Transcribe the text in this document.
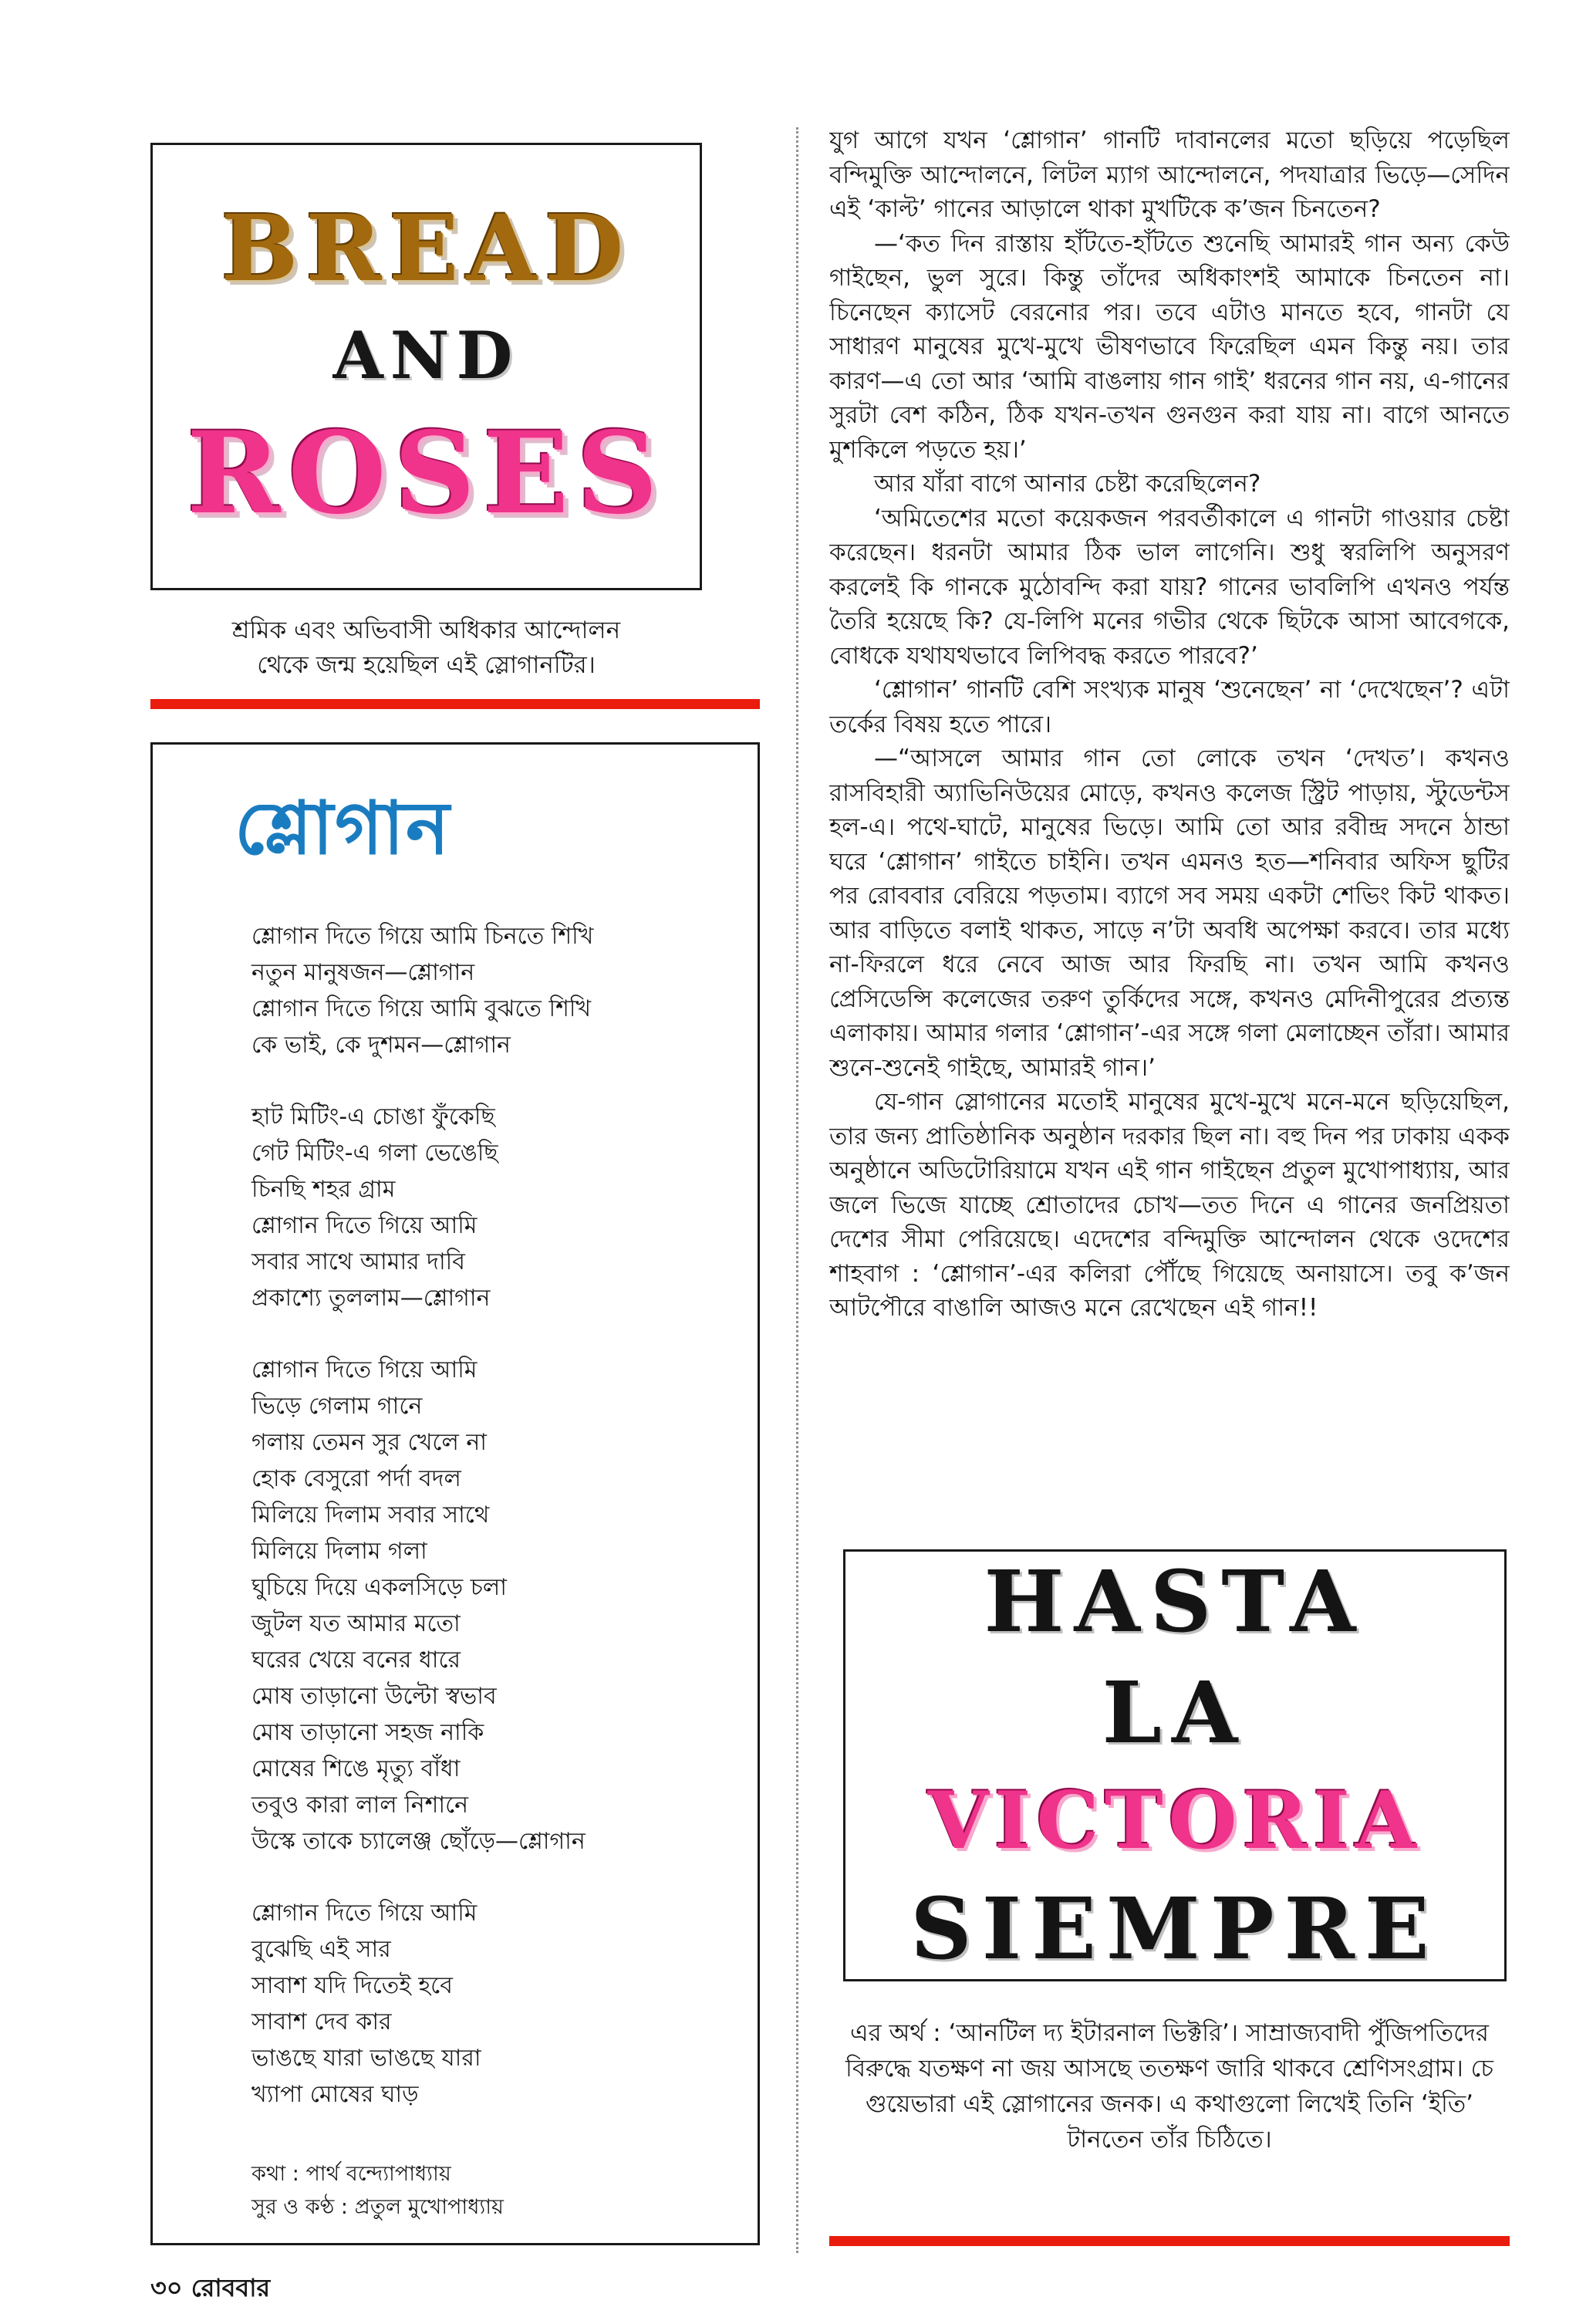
BREAD
AND
ROSES
শ্রমিক এবং অভিবাসী অধিকার আন্দোলন
থেকে জন্ম হয়েছিল এই স্লোগানটির।
শ্লোগান
শ্লোগান দিতে গিয়ে আমি চিনতে শিখি
নতুন মানুষজন—শ্লোগান
শ্লোগান দিতে গিয়ে আমি বুঝতে শিখি
কে ভাই, কে দুশমন—শ্লোগান
হাট মিটিং-এ চোঙা ফুঁকেছি
গেট মিটিং-এ গলা ভেঙেছি
চিনছি শহর গ্রাম
শ্লোগান দিতে গিয়ে আমি
সবার সাথে আমার দাবি
প্রকাশ্যে তুললাম—শ্লোগান
শ্লোগান দিতে গিয়ে আমি
ভিড়ে গেলাম গানে
গলায় তেমন সুর খেলে না
হোক বেসুরো পর্দা বদল
মিলিয়ে দিলাম সবার সাথে
মিলিয়ে দিলাম গলা
ঘুচিয়ে দিয়ে একলসিড়ে চলা
জুটল যত আমার মতো
ঘরের খেয়ে বনের ধারে
মোষ তাড়ানো উল্টো স্বভাব
মোষ তাড়ানো সহজ নাকি
মোষের শিঙে মৃত্যু বাঁধা
তবুও কারা লাল নিশানে
উস্কে তাকে চ্যালেঞ্জ ছোঁড়ে—শ্লোগান
শ্লোগান দিতে গিয়ে আমি
বুঝেছি এই সার
সাবাশ যদি দিতেই হবে
সাবাশ দেব কার
ভাঙছে যারা ভাঙছে যারা
খ্যাপা মোষের ঘাড়
কথা : পার্থ বন্দ্যোপাধ্যায়
সুর ও কণ্ঠ : প্রতুল মুখোপাধ্যায়
৩০ রোববার
যুগ আগে যখন ‘শ্লোগান’ গানটি দাবানলের মতো ছড়িয়ে পড়েছিল বন্দিমুক্তি আন্দোলনে, লিটল ম্যাগ আন্দোলনে, পদযাত্রার ভিড়ে—সেদিন এই ‘কাল্ট’ গানের আড়ালে থাকা মুখটিকে ক’জন চিনতেন?
—‘কত দিন রাস্তায় হাঁটতে-হাঁটতে শুনেছি আমারই গান অন্য কেউ গাইছেন, ভুল সুরে। কিন্তু তাঁদের অধিকাংশই আমাকে চিনতেন না। চিনেছেন ক্যাসেট বেরনোর পর। তবে এটাও মানতে হবে, গানটা যে সাধারণ মানুষের মুখে-মুখে ভীষণভাবে ফিরেছিল এমন কিন্তু নয়। তার কারণ—এ তো আর ‘আমি বাঙলায় গান গাই’ ধরনের গান নয়, এ-গানের সুরটা বেশ কঠিন, ঠিক যখন-তখন গুনগুন করা যায় না। বাগে আনতে মুশকিলে পড়তে হয়।’
আর যাঁরা বাগে আনার চেষ্টা করেছিলেন?
‘অমিতেশের মতো কয়েকজন পরবর্তীকালে এ গানটা গাওয়ার চেষ্টা করেছেন। ধরনটা আমার ঠিক ভাল লাগেনি। শুধু স্বরলিপি অনুসরণ করলেই কি গানকে মুঠোবন্দি করা যায়? গানের ভাবলিপি এখনও পর্যন্ত তৈরি হয়েছে কি? যে-লিপি মনের গভীর থেকে ছিটকে আসা আবেগকে, বোধকে যথাযথভাবে লিপিবদ্ধ করতে পারবে?’
‘শ্লোগান’ গানটি বেশি সংখ্যক মানুষ ‘শুনেছেন’ না ‘দেখেছেন’? এটা তর্কের বিষয় হতে পারে।
—“আসলে আমার গান তো লোকে তখন ‘দেখত’। কখনও রাসবিহারী অ্যাভিনিউয়ের মোড়ে, কখনও কলেজ স্ট্রিট পাড়ায়, স্টুডেন্টস হল-এ। পথে-ঘাটে, মানুষের ভিড়ে। আমি তো আর রবীন্দ্র সদনে ঠান্ডা ঘরে ‘শ্লোগান’ গাইতে চাইনি। তখন এমনও হত—শনিবার অফিস ছুটির পর রোববার বেরিয়ে পড়তাম। ব্যাগে সব সময় একটা শেভিং কিট থাকত। আর বাড়িতে বলাই থাকত, সাড়ে ন’টা অবধি অপেক্ষা করবে। তার মধ্যে না-ফিরলে ধরে নেবে আজ আর ফিরছি না। তখন আমি কখনও প্রেসিডেন্সি কলেজের তরুণ তুর্কিদের সঙ্গে, কখনও মেদিনীপুরের প্রত্যন্ত এলাকায়। আমার গলার ‘শ্লোগান’-এর সঙ্গে গলা মেলাচ্ছেন তাঁরা। আমার শুনে-শুনেই গাইছে, আমারই গান।’
যে-গান স্লোগানের মতোই মানুষের মুখে-মুখে মনে-মনে ছড়িয়েছিল, তার জন্য প্রাতিষ্ঠানিক অনুষ্ঠান দরকার ছিল না। বহু দিন পর ঢাকায় একক অনুষ্ঠানে অডিটোরিয়ামে যখন এই গান গাইছেন প্রতুল মুখোপাধ্যায়, আর জলে ভিজে যাচ্ছে শ্রোতাদের চোখ—তত দিনে এ গানের জনপ্রিয়তা দেশের সীমা পেরিয়েছে। এদেশের বন্দিমুক্তি আন্দোলন থেকে ওদেশের শাহবাগ : ‘শ্লোগান’-এর কলিরা পৌঁছে গিয়েছে অনায়াসে। তবু ক’জন আটপৌরে বাঙালি আজও মনে রেখেছেন এই গান!!
HASTA
LA
VICTORIA
SIEMPRE
এর অর্থ : ‘আনটিল দ্য ইটারনাল ভিক্টরি’। সাম্রাজ্যবাদী পুঁজিপতিদের বিরুদ্ধে যতক্ষণ না জয় আসছে ততক্ষণ জারি থাকবে শ্রেণিসংগ্রাম। চে গুয়েভারা এই স্লোগানের জনক। এ কথাগুলো লিখেই তিনি ‘ইতি’ টানতেন তাঁর চিঠিতে।
